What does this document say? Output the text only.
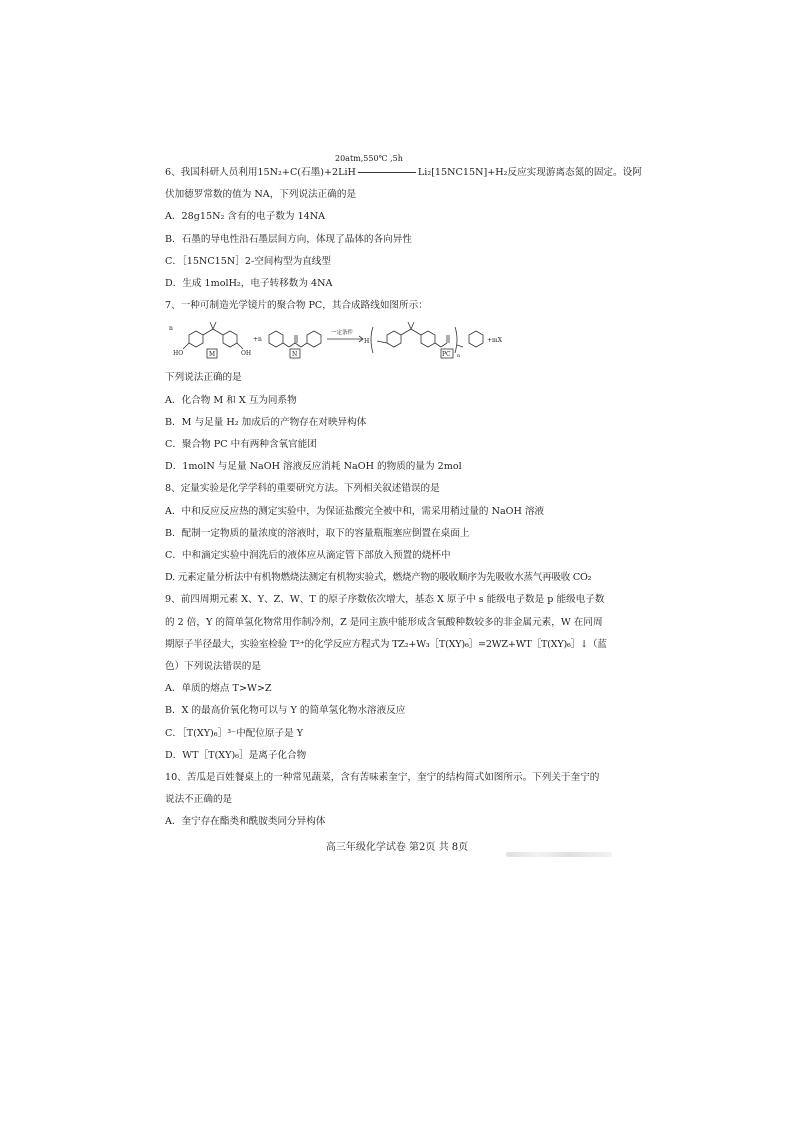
6、我国科研人员利用15N₂+C(石墨)+2LiH	Li₂[15NC15N]+H₂反应实现游离态氮的固定。设阿
20atm,550℃ ,5h
伏加德罗常数的值为 NA，下列说法正确的是
A．28g15N₂ 含有的电子数为 14NA
B．石墨的导电性沿石墨层间方向，体现了晶体的各向异性
C．［15NC15N］2-空间构型为直线型
D．生成 1molH₂，电子转移数为 4NA
7、一种可制造光学镜片的聚合物 PC，其合成路线如图所示：
n
HO	OH
M
+n
N
一定条件
H
PC n
+mX
下列说法正确的是
A．化合物 M 和 X 互为同系物
B．M 与足量 H₂ 加成后的产物存在对映异构体
C．聚合物 PC 中有两种含氧官能团
D．1molN 与足量 NaOH 溶液反应消耗 NaOH 的物质的量为 2mol
8、定量实验是化学学科的重要研究方法。下列相关叙述错误的是
A．中和反应反应热的测定实验中，为保证盐酸完全被中和，需采用稍过量的 NaOH 溶液
B．配制一定物质的量浓度的溶液时，取下的容量瓶瓶塞应倒置在桌面上
C．中和滴定实验中润洗后的液体应从滴定管下部放入预置的烧杯中
D. 元素定量分析法中有机物燃烧法测定有机物实验式，燃烧产物的吸收顺序为先吸收水蒸气再吸收 CO₂
9、前四周期元素 X、Y、Z、W、T 的原子序数依次增大，基态 X 原子中 s 能级电子数是 p 能级电子数
的 2 倍，Y 的简单氢化物常用作制冷剂，Z 是同主族中能形成含氧酸种数较多的非金属元素，W 在同周
期原子半径最大，实验室检验 T²⁺的化学反应方程式为 TZ₂+W₃［T(XY)₆］=2WZ+WT［T(XY)₆］↓（蓝
色）下列说法错误的是
A．单质的熔点 T>W>Z
B．X 的最高价氧化物可以与 Y 的简单氢化物水溶液反应
C．［T(XY)₆］³⁻中配位原子是 Y
D．WT［T(XY)₆］是离子化合物
10、苦瓜是百姓餐桌上的一种常见蔬菜，含有苦味素奎宁，奎宁的结构简式如图所示。下列关于奎宁的
说法不正确的是
A．奎宁存在酯类和酰胺类同分异构体
高三年级化学试卷 第2页 共 8页
